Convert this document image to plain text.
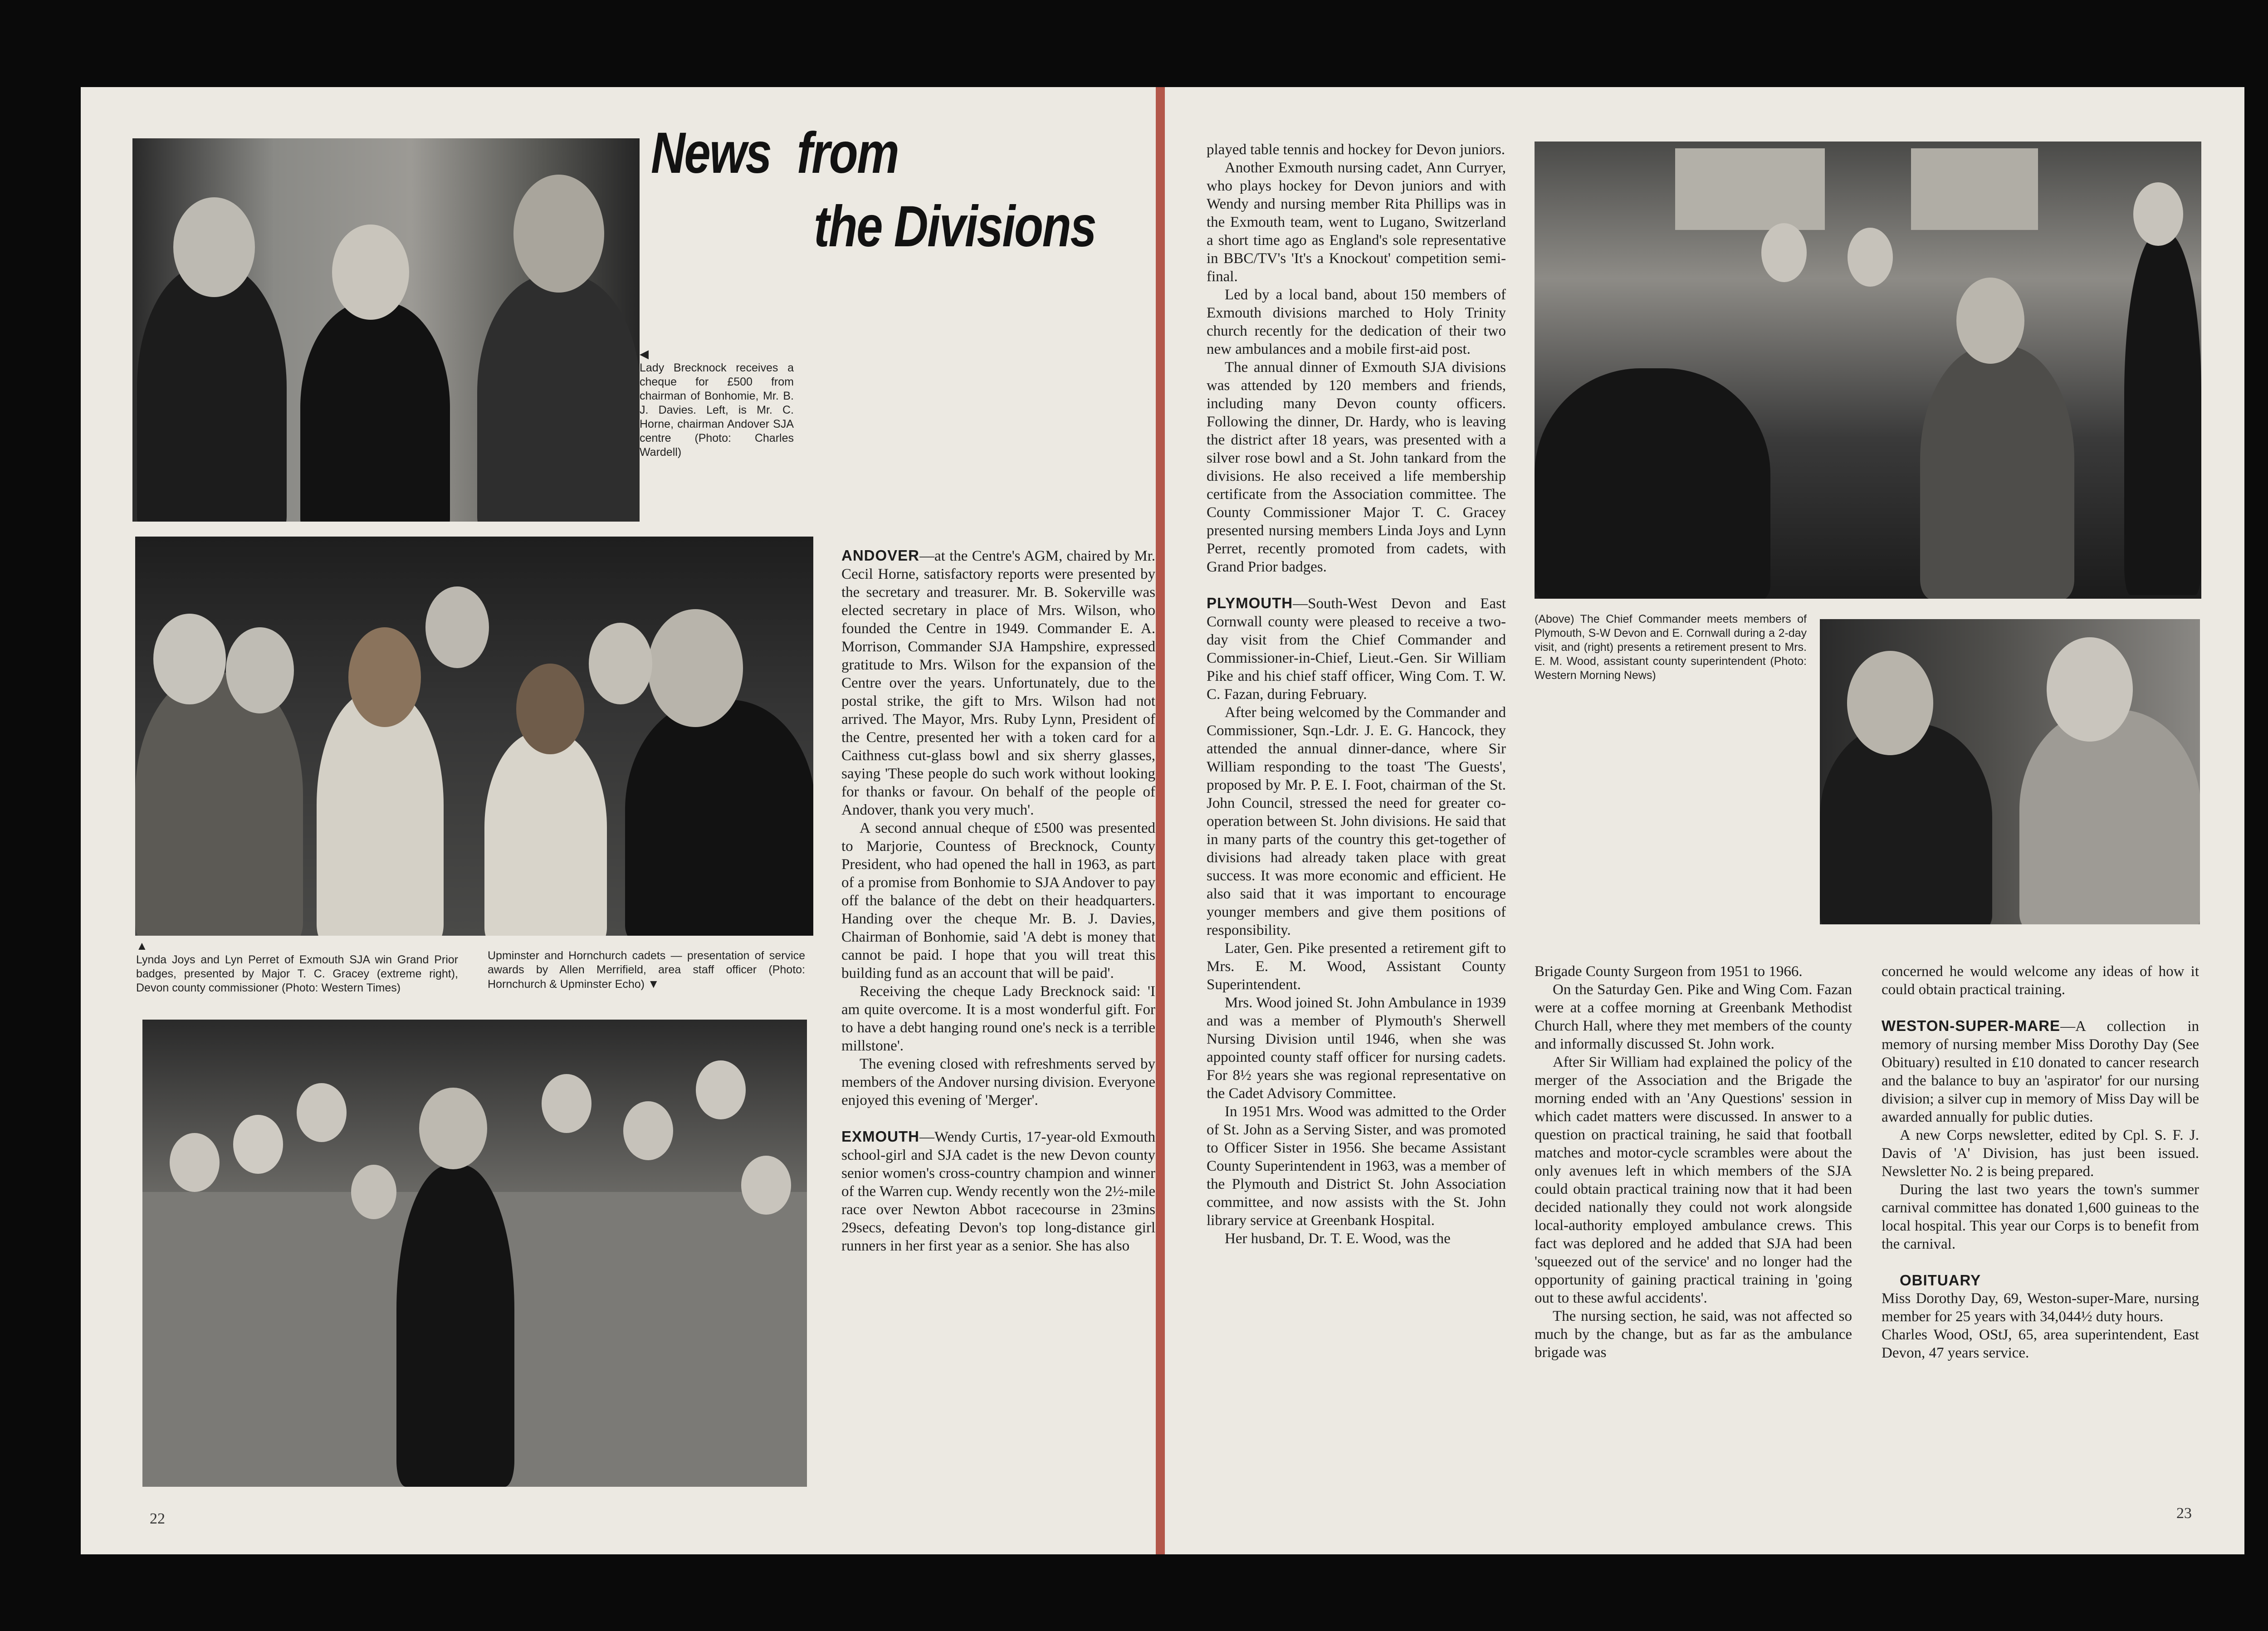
News from
the Divisions
◀
Lady Brecknock receives a cheque for £500 from chairman of Bonhomie, Mr. B. J. Davies. Left, is Mr. C. Horne, chairman Andover SJA centre (Photo: Charles Wardell)
▲
Lynda Joys and Lyn Perret of Exmouth SJA win Grand Prior badges, presented by Major T. C. Gracey (extreme right), Devon county commissioner (Photo: Western Times)
Upminster and Hornchurch cadets — presentation of service awards by Allen Merrifield, area staff officer (Photo: Hornchurch & Upminster Echo) ▼

ANDOVER—at the Centre's AGM, chaired by Mr. Cecil Horne, satisfactory reports were presented by the secretary and treasurer. Mr. B. Sokerville was elected secretary in place of Mrs. Wilson, who founded the Centre in 1949. Commander E. A. Morrison, Commander SJA Hampshire, expressed gratitude to Mrs. Wilson for the expansion of the Centre over the years. Unfortunately, due to the postal strike, the gift to Mrs. Wilson had not arrived. The Mayor, Mrs. Ruby Lynn, President of the Centre, presented her with a token card for a Caithness cut-glass bowl and six sherry glasses, saying 'These people do such work without looking for thanks or favour. On behalf of the people of Andover, thank you very much'.

A second annual cheque of £500 was presented to Marjorie, Countess of Brecknock, County President, who had opened the hall in 1963, as part of a promise from Bonhomie to SJA Andover to pay off the balance of the debt on their headquarters. Handing over the cheque Mr. B. J. Davies, Chairman of Bonhomie, said 'A debt is money that cannot be paid. I hope that you will treat this building fund as an account that will be paid'.

Receiving the cheque Lady Brecknock said: 'I am quite overcome. It is a most wonderful gift. For to have a debt hanging round one's neck is a terrible millstone'.

The evening closed with refreshments served by members of the Andover nursing division. Everyone enjoyed this evening of 'Merger'.

EXMOUTH—Wendy Curtis, 17-year-old Exmouth school-girl and SJA cadet is the new Devon county senior women's cross-country champion and winner of the Warren cup. Wendy recently won the 2½-mile race over Newton Abbot racecourse in 23mins 29secs, defeating Devon's top long-distance girl runners in her first year as a senior. She has also

played table tennis and hockey for Devon juniors.

Another Exmouth nursing cadet, Ann Curryer, who plays hockey for Devon juniors and with Wendy and nursing member Rita Phillips was in the Exmouth team, went to Lugano, Switzerland a short time ago as England's sole representative in BBC/TV's 'It's a Knockout' competition semi-final.

Led by a local band, about 150 members of Exmouth divisions marched to Holy Trinity church recently for the dedication of their two new ambulances and a mobile first-aid post.

The annual dinner of Exmouth SJA divisions was attended by 120 members and friends, including many Devon county officers. Following the dinner, Dr. Hardy, who is leaving the district after 18 years, was presented with a silver rose bowl and a St. John tankard from the divisions. He also received a life membership certificate from the Association committee. The County Commissioner Major T. C. Gracey presented nursing members Linda Joys and Lynn Perret, recently promoted from cadets, with Grand Prior badges.

PLYMOUTH—South-West Devon and East Cornwall county were pleased to receive a two-day visit from the Chief Commander and Commissioner-in-Chief, Lieut.-Gen. Sir William Pike and his chief staff officer, Wing Com. T. W. C. Fazan, during February.

After being welcomed by the Commander and Commissioner, Sqn.-Ldr. J. E. G. Hancock, they attended the annual dinner-dance, where Sir William responding to the toast 'The Guests', proposed by Mr. P. E. I. Foot, chairman of the St. John Council, stressed the need for greater co-operation between St. John divisions. He said that in many parts of the country this get-together of divisions had already taken place with great success. It was more economic and efficient. He also said that it was important to encourage younger members and give them positions of responsibility.

Later, Gen. Pike presented a retirement gift to Mrs. E. M. Wood, Assistant County Superintendent.

Mrs. Wood joined St. John Ambulance in 1939 and was a member of Plymouth's Sherwell Nursing Division until 1946, when she was appointed county staff officer for nursing cadets. For 8½ years she was regional representative on the Cadet Advisory Committee.

In 1951 Mrs. Wood was admitted to the Order of St. John as a Serving Sister, and was promoted to Officer Sister in 1956. She became Assistant County Superintendent in 1963, was a member of the Plymouth and District St. John Association committee, and now assists with the St. John library service at Greenbank Hospital.

Her husband, Dr. T. E. Wood, was the

(Above) The Chief Commander meets members of Plymouth, S-W Devon and E. Cornwall during a 2-day visit, and (right) presents a retirement present to Mrs. E. M. Wood, assistant county superintendent (Photo: Western Morning News)

Brigade County Surgeon from 1951 to 1966.

On the Saturday Gen. Pike and Wing Com. Fazan were at a coffee morning at Greenbank Methodist Church Hall, where they met members of the county and informally discussed St. John work.

After Sir William had explained the policy of the merger of the Association and the Brigade the morning ended with an 'Any Questions' session in which cadet matters were discussed. In answer to a question on practical training, he said that football matches and motor-cycle scrambles were about the only avenues left in which members of the SJA could obtain practical training now that it had been decided nationally they could not work alongside local-authority employed ambulance crews. This fact was deplored and he added that SJA had been 'squeezed out of the service' and no longer had the opportunity of gaining practical training in 'going out to these awful accidents'.

The nursing section, he said, was not affected so much by the change, but as far as the ambulance brigade was

concerned he would welcome any ideas of how it could obtain practical training.

WESTON-SUPER-MARE—A collection in memory of nursing member Miss Dorothy Day (See Obituary) resulted in £10 donated to cancer research and the balance to buy an 'aspirator' for our nursing division; a silver cup in memory of Miss Day will be awarded annually for public duties.

A new Corps newsletter, edited by Cpl. S. F. J. Davis of 'A' Division, has just been issued. Newsletter No. 2 is being prepared.

During the last two years the town's summer carnival committee has donated 1,600 guineas to the local hospital. This year our Corps is to benefit from the carnival.

OBITUARY

Miss Dorothy Day, 69, Weston-super-Mare, nursing member for 25 years with 34,044½ duty hours.

Charles Wood, OStJ, 65, area superintendent, East Devon, 47 years service.

22	23
